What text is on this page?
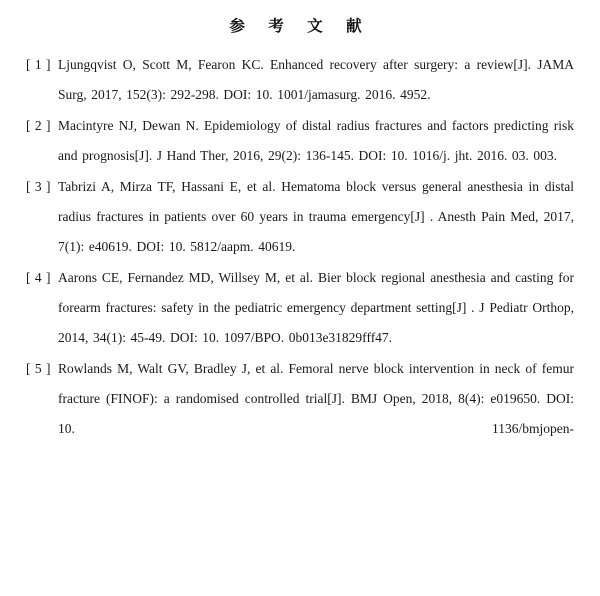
参 考 文 献
[ 1 ] Ljungqvist O, Scott M, Fearon KC. Enhanced recovery after surgery: a review[J]. JAMA Surg, 2017, 152(3): 292-298. DOI: 10. 1001/jamasurg. 2016. 4952.
[ 2 ] Macintyre NJ, Dewan N. Epidemiology of distal radius fractures and factors predicting risk and prognosis[J]. J Hand Ther, 2016, 29(2): 136-145. DOI: 10. 1016/j. jht. 2016. 03. 003.
[ 3 ] Tabrizi A, Mirza TF, Hassani E, et al. Hematoma block versus general anesthesia in distal radius fractures in patients over 60 years in trauma emergency[J] . Anesth Pain Med, 2017, 7(1): e40619. DOI: 10. 5812/aapm. 40619.
[ 4 ] Aarons CE, Fernandez MD, Willsey M, et al. Bier block regional anesthesia and casting for forearm fractures: safety in the pediatric emergency department setting[J] . J Pediatr Orthop, 2014, 34(1): 45-49. DOI: 10. 1097/BPO. 0b013e31829fff47.
[ 5 ] Rowlands M, Walt GV, Bradley J, et al. Femoral nerve block intervention in neck of femur fracture (FINOF): a randomised controlled trial[J]. BMJ Open, 2018, 8(4): e019650. DOI: 10. 1136/bmjopen-
